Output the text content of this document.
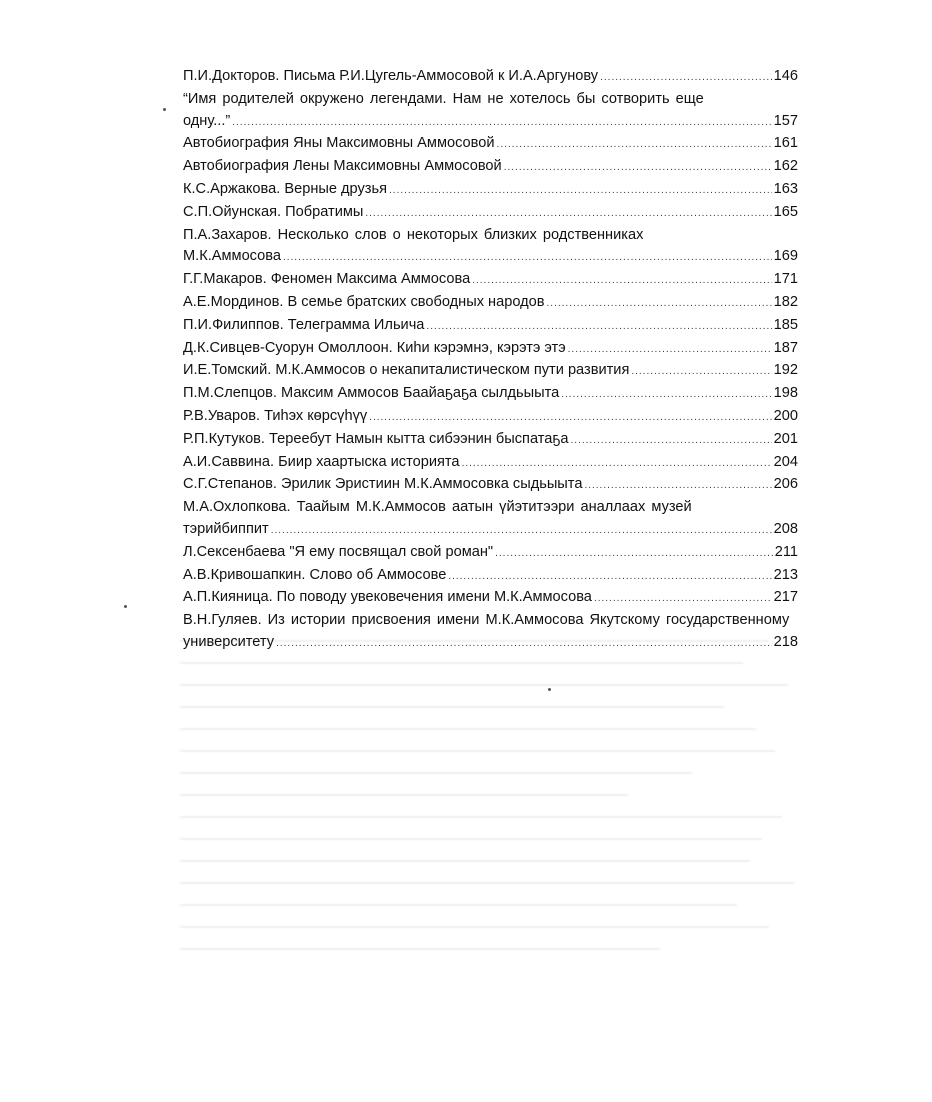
П.И.Докторов. Письма Р.И.Цугель-Аммосовой к И.А.Аргунову .....	146
“Имя родителей окружено легендами. Нам не хотелось бы сотворить еще
одну...” .....	157
Автобиография Яны Максимовны Аммосовой .....	161
Автобиография Лены Максимовны Аммосовой .....	162
К.С.Аржакова. Верные друзья .....	163
С.П.Ойунская. Побратимы .....	165
П.А.Захаров. Несколько слов о некоторых близких родственниках
М.К.Аммосова .....	169
Г.Г.Макаров. Феномен Максима Аммосова .....	171
А.Е.Мординов. В семье братских свободных народов .....	182
П.И.Филиппов. Телеграмма Ильича .....	185
Д.К.Сивцев-Суорун Омоллоон. Киhи кэрэмнэ, кэрэтэ этэ .....	187
И.Е.Томский. М.К.Аммосов о некапиталистическом пути развития .....	192
П.М.Слепцов. Максим Аммосов Баайаҕаҕа сылдьыыта .....	198
Р.В.Уваров. Тиhэх көрсүhүү .....	200
Р.П.Кутуков. Тереебут Намын кытта сибээнин быспатаҕа .....	201
А.И.Саввина. Биир хаартыска историята .....	204
С.Г.Степанов. Эрилик Эристиин М.К.Аммосовка сыдьыыта .....	206
М.А.Охлопкова. Таайым М.К.Аммосов аатын үйэтитээри аналлаах музей
тэрийбиппит .....	208
Л.Сексенбаева "Я ему посвящал свой роман" .....	211
А.В.Кривошапкин. Слово об Аммосове .....	213
А.П.Кияница. По поводу увековечения имени М.К.Аммосова .....	217
В.Н.Гуляев. Из истории присвоения имени М.К.Аммосова Якутскому государственному
университету .....	218
